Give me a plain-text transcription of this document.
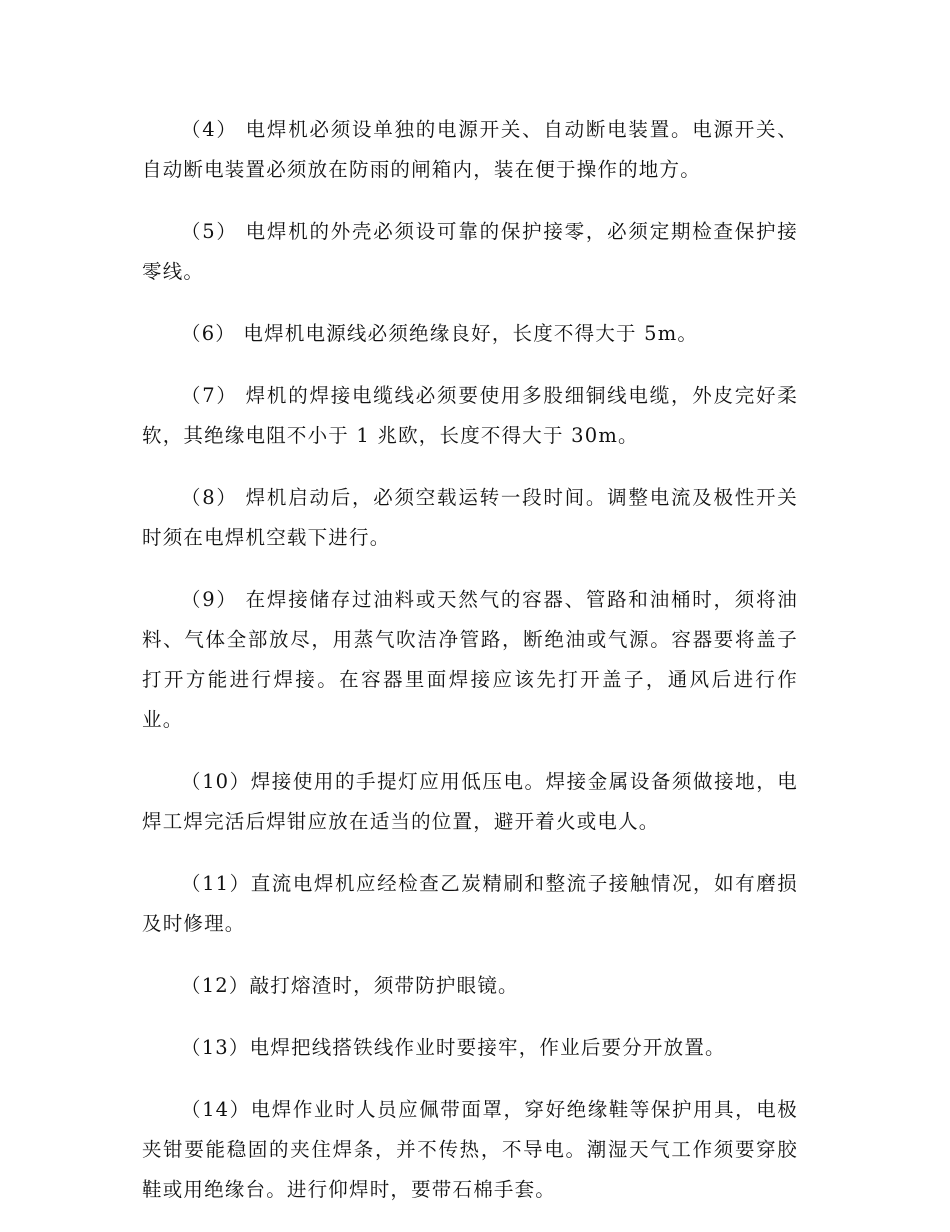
（4） 电焊机必须设单独的电源开关、自动断电装置。电源开关、自动断电装置必须放在防雨的闸箱内，装在便于操作的地方。

（5） 电焊机的外壳必须设可靠的保护接零，必须定期检查保护接零线。

（6） 电焊机电源线必须绝缘良好，长度不得大于 5m。

（7） 焊机的焊接电缆线必须要使用多股细铜线电缆，外皮完好柔软，其绝缘电阻不小于 1 兆欧，长度不得大于 30m。

（8） 焊机启动后，必须空载运转一段时间。调整电流及极性开关时须在电焊机空载下进行。

（9） 在焊接储存过油料或天然气的容器、管路和油桶时，须将油料、气体全部放尽，用蒸气吹洁净管路，断绝油或气源。容器要将盖子打开方能进行焊接。在容器里面焊接应该先打开盖子，通风后进行作业。

（10）焊接使用的手提灯应用低压电。焊接金属设备须做接地，电焊工焊完活后焊钳应放在适当的位置，避开着火或电人。

（11）直流电焊机应经检查乙炭精刷和整流子接触情况，如有磨损及时修理。

（12）敲打熔渣时，须带防护眼镜。

（13）电焊把线搭铁线作业时要接牢，作业后要分开放置。

（14）电焊作业时人员应佩带面罩，穿好绝缘鞋等保护用具，电极夹钳要能稳固的夹住焊条，并不传热，不导电。潮湿天气工作须要穿胶鞋或用绝缘台。进行仰焊时，要带石棉手套。
